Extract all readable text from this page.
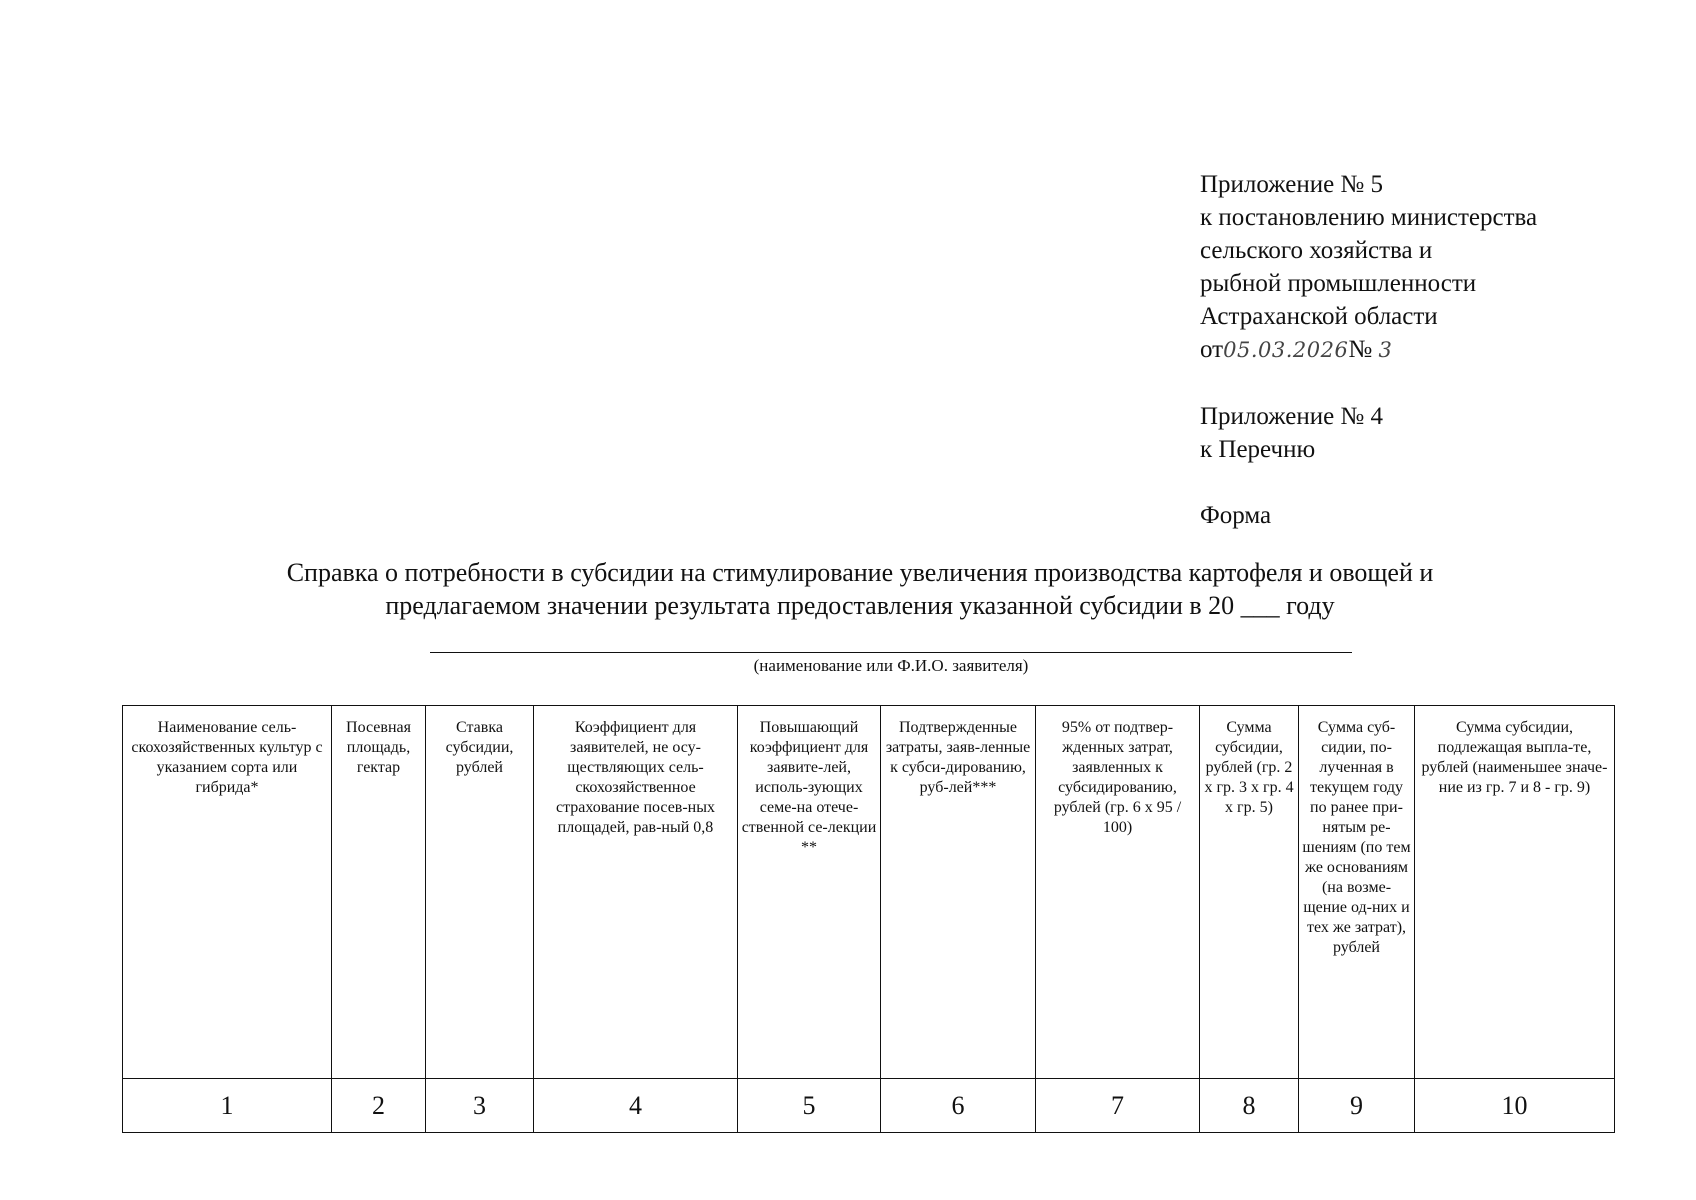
Приложение № 5
к постановлению министерства
сельского хозяйства и
рыбной промышленности
Астраханской области
от05.03.2026№ 3
Приложение № 4
к Перечню
Форма
Справка о потребности в субсидии на стимулирование увеличения производства картофеля и овощей и
предлагаемом значении результата предоставления указанной субсидии в 20 ___ году
(наименование или Ф.И.О. заявителя)
Наименование сель-скохозяйственных культур с указанием сорта или гибрида*	Посевная площадь, гектар	Ставка субсидии, рублей	Коэффициент для заявителей, не осу-ществляющих сель-скохозяйственное страхование посев-ных площадей, рав-ный 0,8	Повышающий коэффициент для заявите-лей, исполь-зующих семе-на отече-ственной се-лекции **	Подтвержденные затраты, заяв-ленные к субси-дированию, руб-лей***	95% от подтвер-жденных затрат, заявленных к субсидированию, рублей (гр. 6 x 95 / 100)	Сумма субсидии, рублей (гр. 2 x гр. 3 x гр. 4 x гр. 5)	Сумма суб-сидии, по-лученная в текущем году по ранее при-нятым ре-шениям (по тем же основаниям (на возме-щение од-них и тех же затрат), рублей	Сумма субсидии, подлежащая выпла-те, рублей (наименьшее значе-ние из гр. 7 и 8 - гр. 9)
1	2	3	4	5	6	7	8	9	10
